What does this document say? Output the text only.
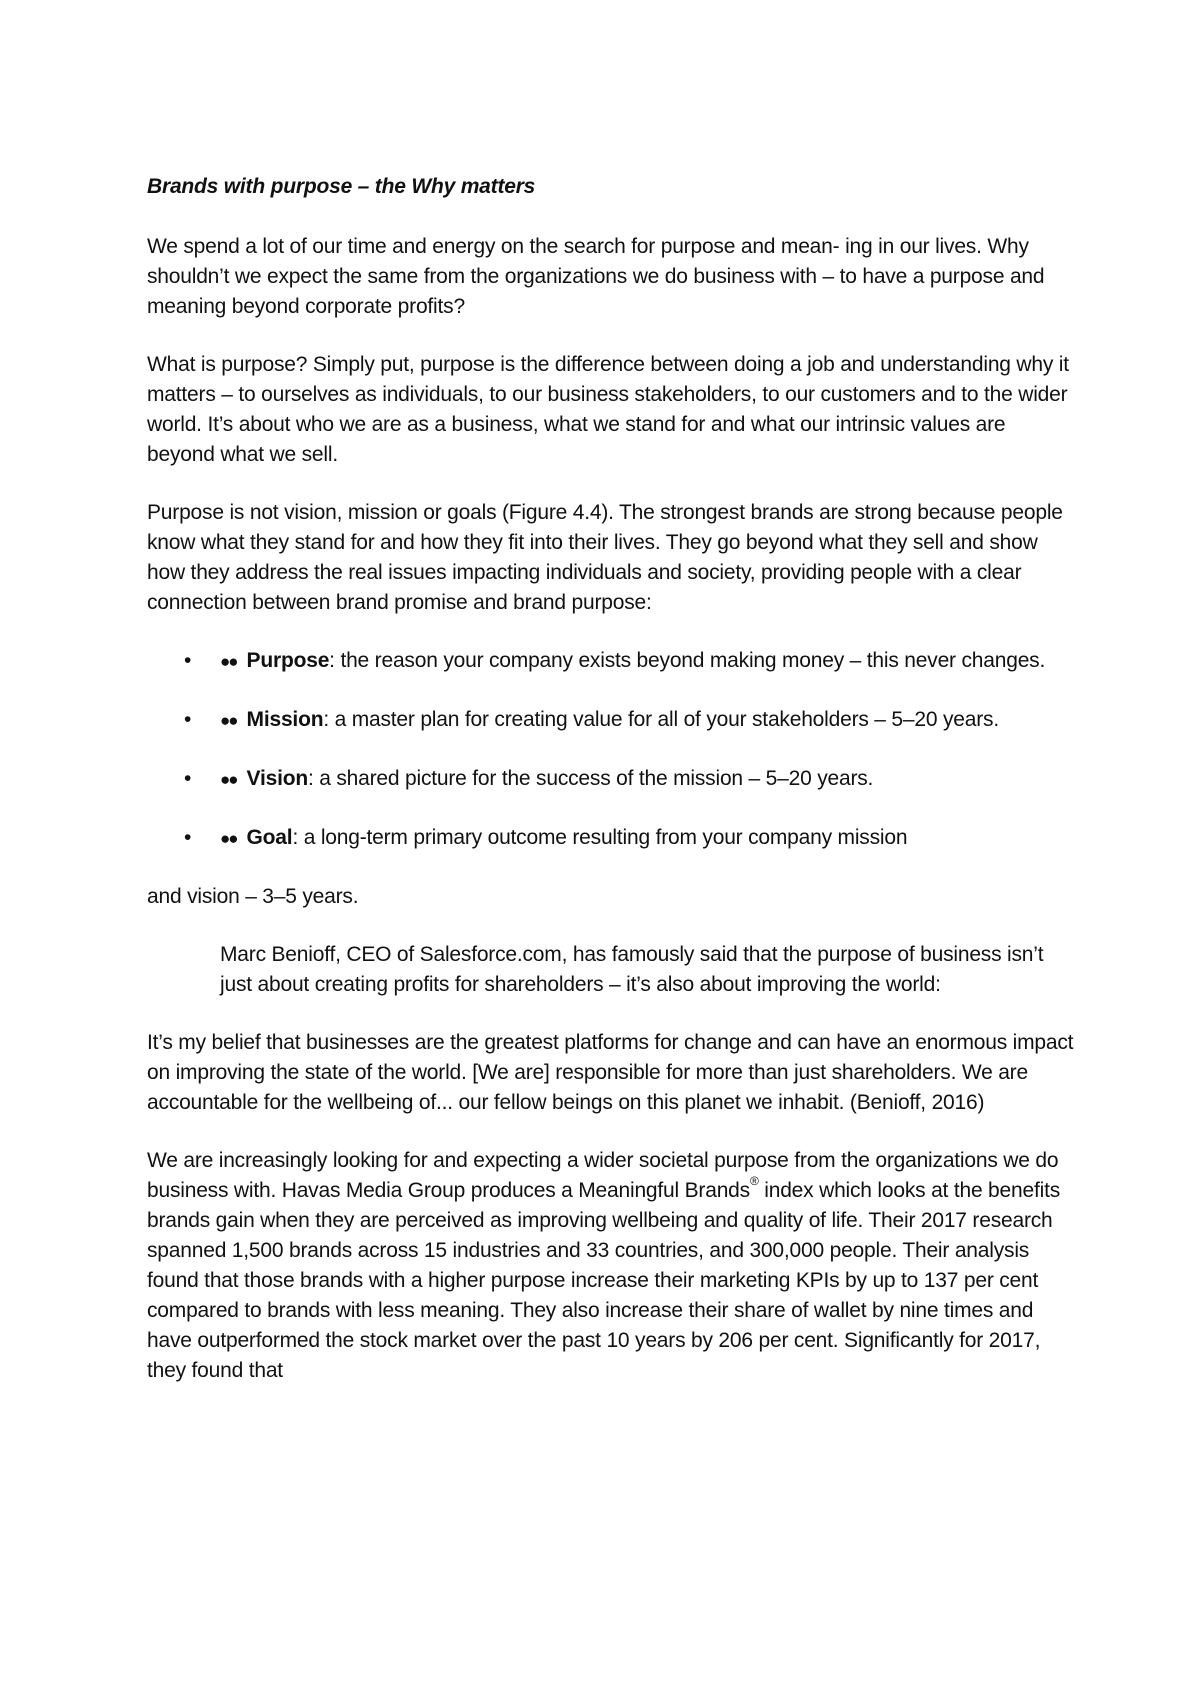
Brands with purpose – the Why matters

We spend a lot of our time and energy on the search for purpose and mean- ing in our lives. Why shouldn’t we expect the same from the organizations we do business with – to have a purpose and meaning beyond corporate profits?

What is purpose? Simply put, purpose is the difference between doing a job and understanding why it matters – to ourselves as individuals, to our business stakeholders, to our customers and to the wider world. It’s about who we are as a business, what we stand for and what our intrinsic values are beyond what we sell.

Purpose is not vision, mission or goals (Figure 4.4). The strongest brands are strong because people know what they stand for and how they fit into their lives. They go beyond what they sell and show how they address the real issues impacting individuals and society, providing people with a clear connection between brand promise and brand purpose:

• ●● Purpose: the reason your company exists beyond making money – this never changes.
• ●● Mission: a master plan for creating value for all of your stakeholders – 5–20 years.
• ●● Vision: a shared picture for the success of the mission – 5–20 years.
• ●● Goal: a long-term primary outcome resulting from your company mission
and vision – 3–5 years.

Marc Benioff, CEO of Salesforce.com, has famously said that the purpose of business isn’t just about creating profits for shareholders – it’s also about improving the world:

It’s my belief that businesses are the greatest platforms for change and can have an enormous impact on improving the state of the world. [We are] responsible for more than just shareholders. We are accountable for the wellbeing of... our fellow beings on this planet we inhabit. (Benioff, 2016)

We are increasingly looking for and expecting a wider societal purpose from the organizations we do business with. Havas Media Group produces a Meaningful Brands® index which looks at the benefits brands gain when they are perceived as improving wellbeing and quality of life. Their 2017 research spanned 1,500 brands across 15 industries and 33 countries, and 300,000 people. Their analysis found that those brands with a higher purpose increase their marketing KPIs by up to 137 per cent compared to brands with less meaning. They also increase their share of wallet by nine times and have outperformed the stock market over the past 10 years by 206 per cent. Significantly for 2017, they found that
